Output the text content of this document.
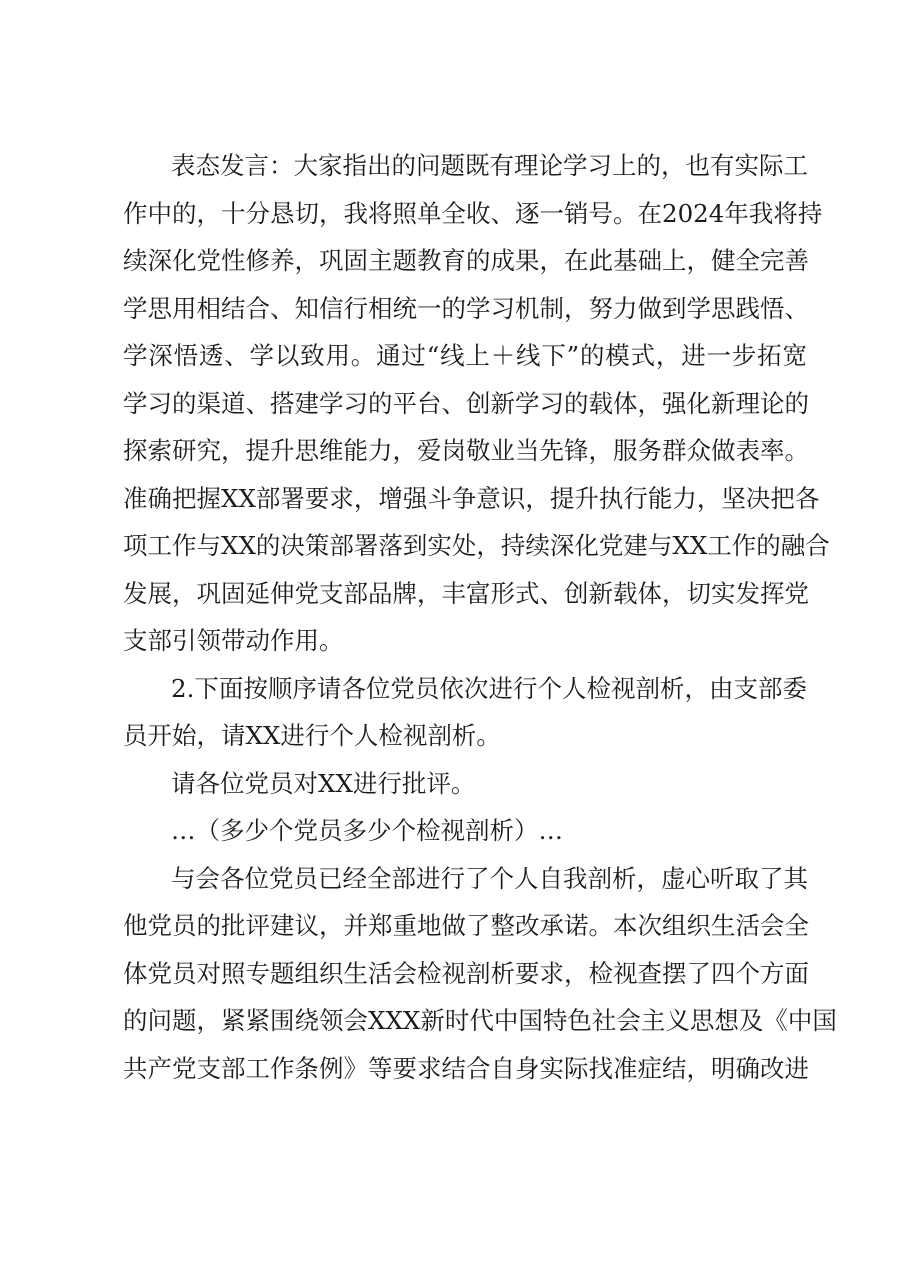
表态发言：大家指出的问题既有理论学习上的，也有实际工
作中的，十分恳切，我将照单全收、逐一销号。在2024年我将持
续深化党性修养，巩固主题教育的成果，在此基础上，健全完善
学思用相结合、知信行相统一的学习机制，努力做到学思践悟、
学深悟透、学以致用。通过“线上＋线下”的模式，进一步拓宽
学习的渠道、搭建学习的平台、创新学习的载体，强化新理论的
探索研究，提升思维能力，爱岗敬业当先锋，服务群众做表率。
准确把握XX部署要求，增强斗争意识，提升执行能力，坚决把各
项工作与XX的决策部署落到实处，持续深化党建与XX工作的融合
发展，巩固延伸党支部品牌，丰富形式、创新载体，切实发挥党
支部引领带动作用。
2.下面按顺序请各位党员依次进行个人检视剖析，由支部委
员开始，请XX进行个人检视剖析。
请各位党员对XX进行批评。
…（多少个党员多少个检视剖析）…
与会各位党员已经全部进行了个人自我剖析，虚心听取了其
他党员的批评建议，并郑重地做了整改承诺。本次组织生活会全
体党员对照专题组织生活会检视剖析要求，检视查摆了四个方面
的问题，紧紧围绕领会XXX新时代中国特色社会主义思想及《中国
共产党支部工作条例》等要求结合自身实际找准症结，明确改进
